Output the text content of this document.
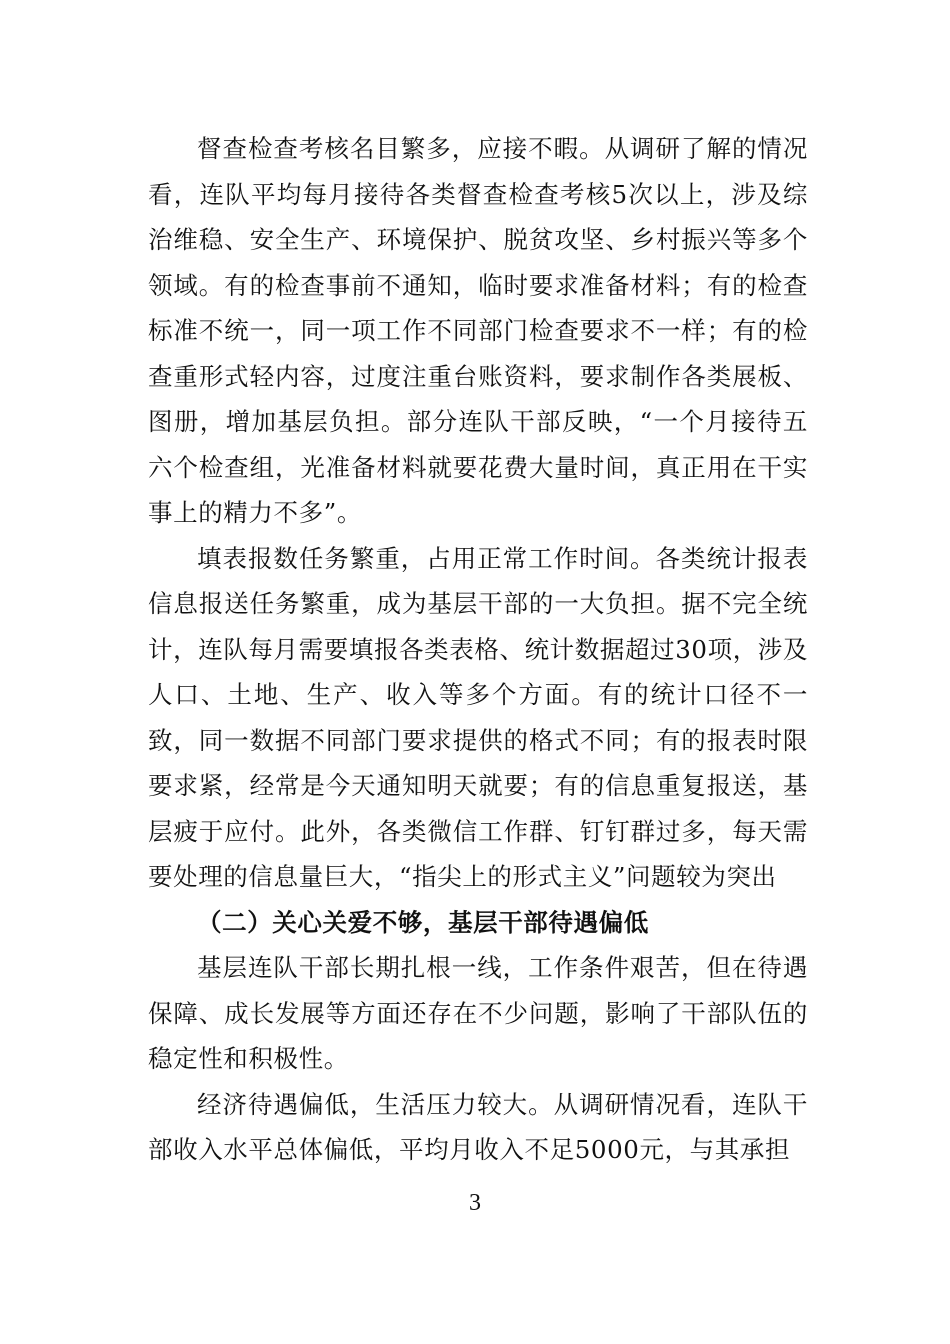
督查检查考核名目繁多，应接不暇。从调研了解的情况看，连队平均每月接待各类督查检查考核5次以上，涉及综治维稳、安全生产、环境保护、脱贫攻坚、乡村振兴等多个领域。有的检查事前不通知，临时要求准备材料；有的检查标准不统一，同一项工作不同部门检查要求不一样；有的检查重形式轻内容，过度注重台账资料，要求制作各类展板、图册，增加基层负担。部分连队干部反映，“一个月接待五六个检查组，光准备材料就要花费大量时间，真正用在干实事上的精力不多”。

填表报数任务繁重，占用正常工作时间。各类统计报表信息报送任务繁重，成为基层干部的一大负担。据不完全统计，连队每月需要填报各类表格、统计数据超过30项，涉及人口、土地、生产、收入等多个方面。有的统计口径不一致，同一数据不同部门要求提供的格式不同；有的报表时限要求紧，经常是今天通知明天就要；有的信息重复报送，基层疲于应付。此外，各类微信工作群、钉钉群过多，每天需要处理的信息量巨大，“指尖上的形式主义”问题较为突出

（二）关心关爱不够，基层干部待遇偏低

基层连队干部长期扎根一线，工作条件艰苦，但在待遇保障、成长发展等方面还存在不少问题，影响了干部队伍的稳定性和积极性。

经济待遇偏低，生活压力较大。从调研情况看，连队干部收入水平总体偏低，平均月收入不足5000元，与其承担

3
